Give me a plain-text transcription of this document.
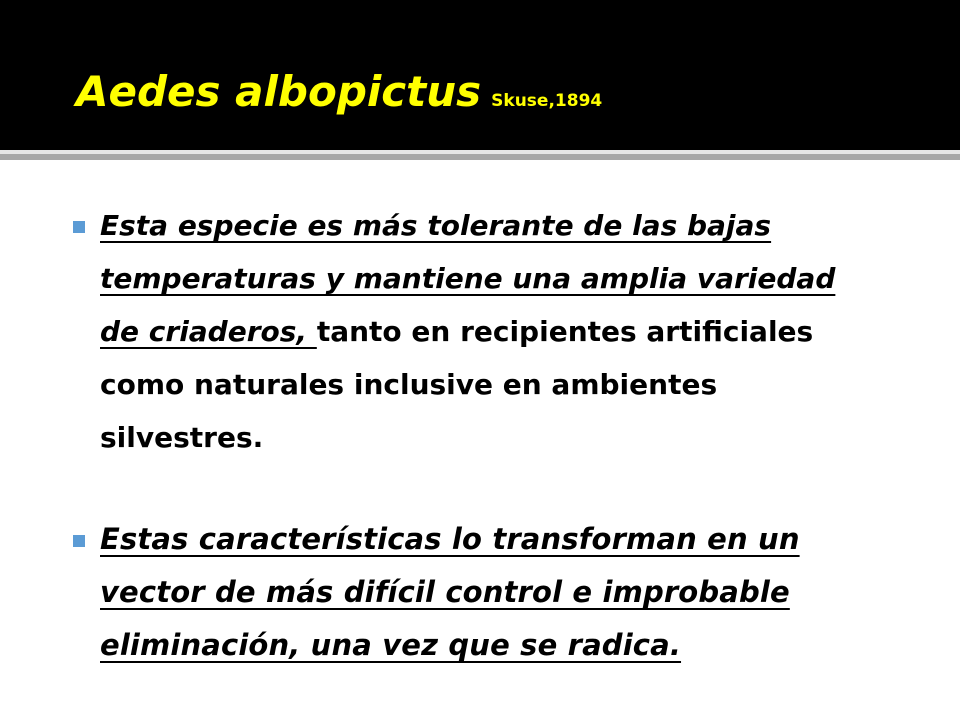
Aedes albopictus Skuse,1894

Esta especie es más tolerante de las bajas temperaturas y mantiene una amplia variedad de criaderos, tanto en recipientes artificiales como naturales inclusive en ambientes silvestres.

Estas características lo transforman en un vector de más difícil control e improbable eliminación, una vez que se radica.
